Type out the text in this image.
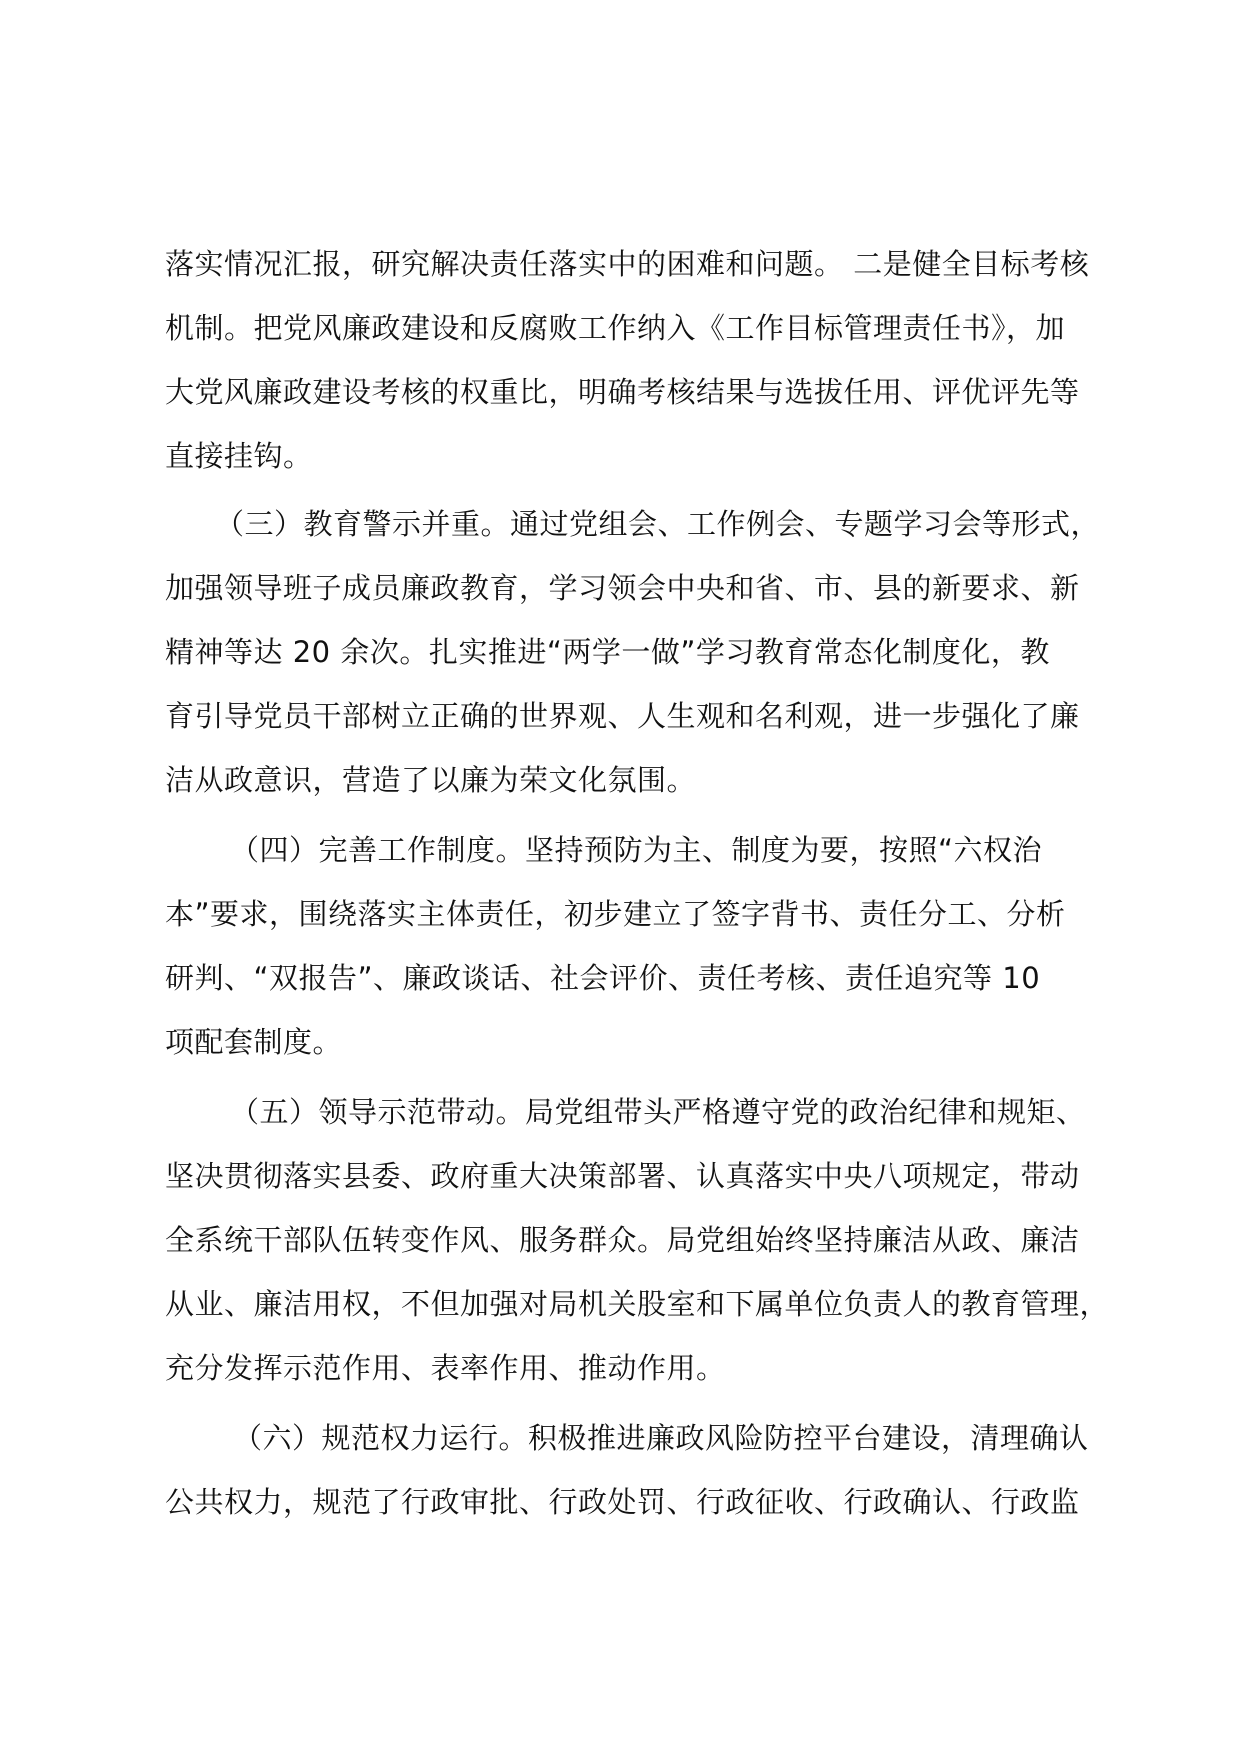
落实情况汇报，研究解决责任落实中的困难和问题。 二是健全目标考核
机制。把党风廉政建设和反腐败工作纳入《工作目标管理责任书》，加
大党风廉政建设考核的权重比，明确考核结果与选拔任用、评优评先等
直接挂钩。
（三）教育警示并重。通过党组会、工作例会、专题学习会等形式，
加强领导班子成员廉政教育，学习领会中央和省、市、县的新要求、新
精神等达 20 余次。扎实推进“两学一做”学习教育常态化制度化，教
育引导党员干部树立正确的世界观、人生观和名利观，进一步强化了廉
洁从政意识，营造了以廉为荣文化氛围。
（四）完善工作制度。坚持预防为主、制度为要，按照“六权治
本”要求，围绕落实主体责任，初步建立了签字背书、责任分工、分析
研判、“双报告”、廉政谈话、社会评价、责任考核、责任追究等 10
项配套制度。
（五）领导示范带动。局党组带头严格遵守党的政治纪律和规矩、
坚决贯彻落实县委、政府重大决策部署、认真落实中央八项规定，带动
全系统干部队伍转变作风、服务群众。局党组始终坚持廉洁从政、廉洁
从业、廉洁用权，不但加强对局机关股室和下属单位负责人的教育管理，
充分发挥示范作用、表率作用、推动作用。
（六）规范权力运行。积极推进廉政风险防控平台建设，清理确认
公共权力，规范了行政审批、行政处罚、行政征收、行政确认、行政监
